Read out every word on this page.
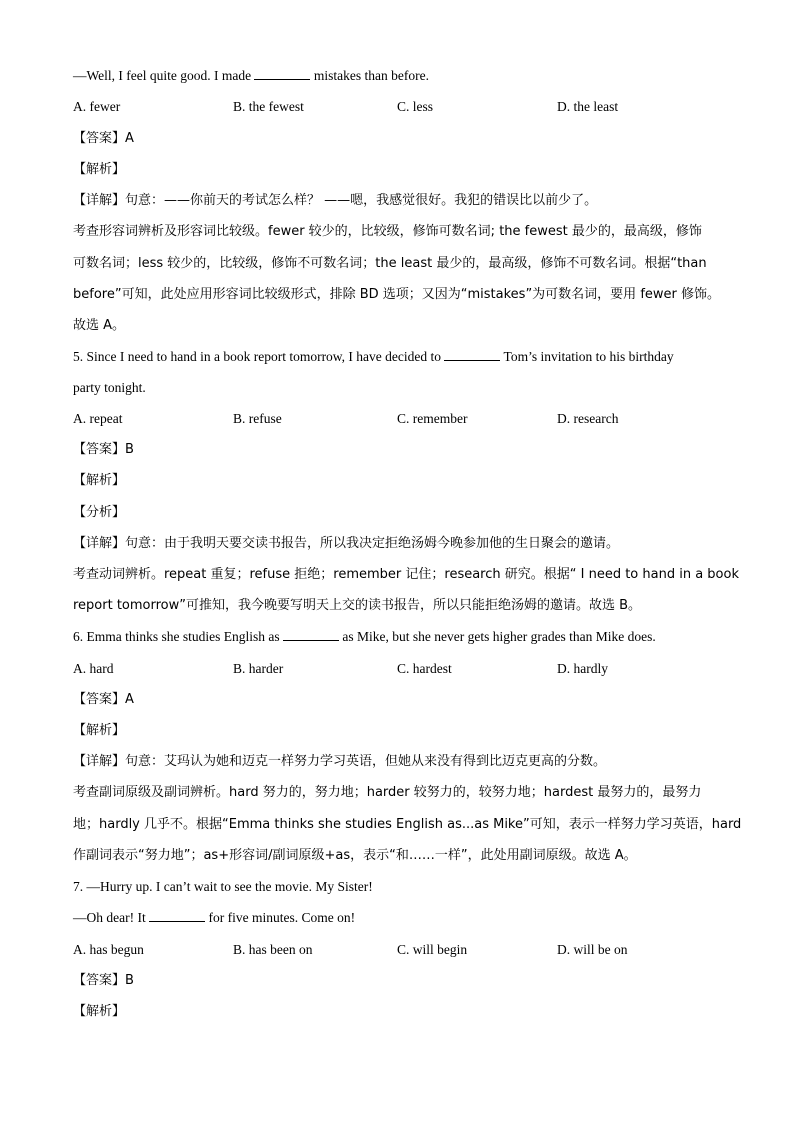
—Well, I feel quite good. I made	mistakes than before.
A. fewer	B. the fewest	C. less	D. the least
【答案】A
【解析】
【详解】句意：——你前天的考试怎么样？ ——嗯，我感觉很好。我犯的错误比以前少了。
考查形容词辨析及形容词比较级。fewer 较少的，比较级，修饰可数名词; the fewest 最少的，最高级，修饰
可数名词；less 较少的，比较级，修饰不可数名词；the least 最少的，最高级，修饰不可数名词。根据“than
before”可知，此处应用形容词比较级形式，排除 BD 选项；又因为“mistakes”为可数名词，要用 fewer 修饰。
故选 A。
5. Since I need to hand in a book report tomorrow, I have decided to	Tom’s invitation to his birthday
party tonight.
A. repeat	B. refuse	C. remember	D. research
【答案】B
【解析】
【分析】
【详解】句意：由于我明天要交读书报告，所以我决定拒绝汤姆今晚参加他的生日聚会的邀请。
考查动词辨析。repeat 重复；refuse 拒绝；remember 记住；research 研究。根据“ I need to hand in a book
report tomorrow”可推知，我今晚要写明天上交的读书报告，所以只能拒绝汤姆的邀请。故选 B。
6. Emma thinks she studies English as	as Mike, but she never gets higher grades than Mike does.
A. hard	B. harder	C. hardest	D. hardly
【答案】A
【解析】
【详解】句意：艾玛认为她和迈克一样努力学习英语，但她从来没有得到比迈克更高的分数。
考查副词原级及副词辨析。hard 努力的，努力地；harder 较努力的，较努力地；hardest 最努力的，最努力
地；hardly 几乎不。根据“Emma thinks she studies English as...as Mike”可知，表示一样努力学习英语，hard
作副词表示“努力地”；as+形容词/副词原级+as，表示“和……一样”，此处用副词原级。故选 A。
7. —Hurry up. I can’t wait to see the movie. My Sister!
—Oh dear! It	for five minutes. Come on!
A. has begun	B. has been on	C. will begin	D. will be on
【答案】B
【解析】
